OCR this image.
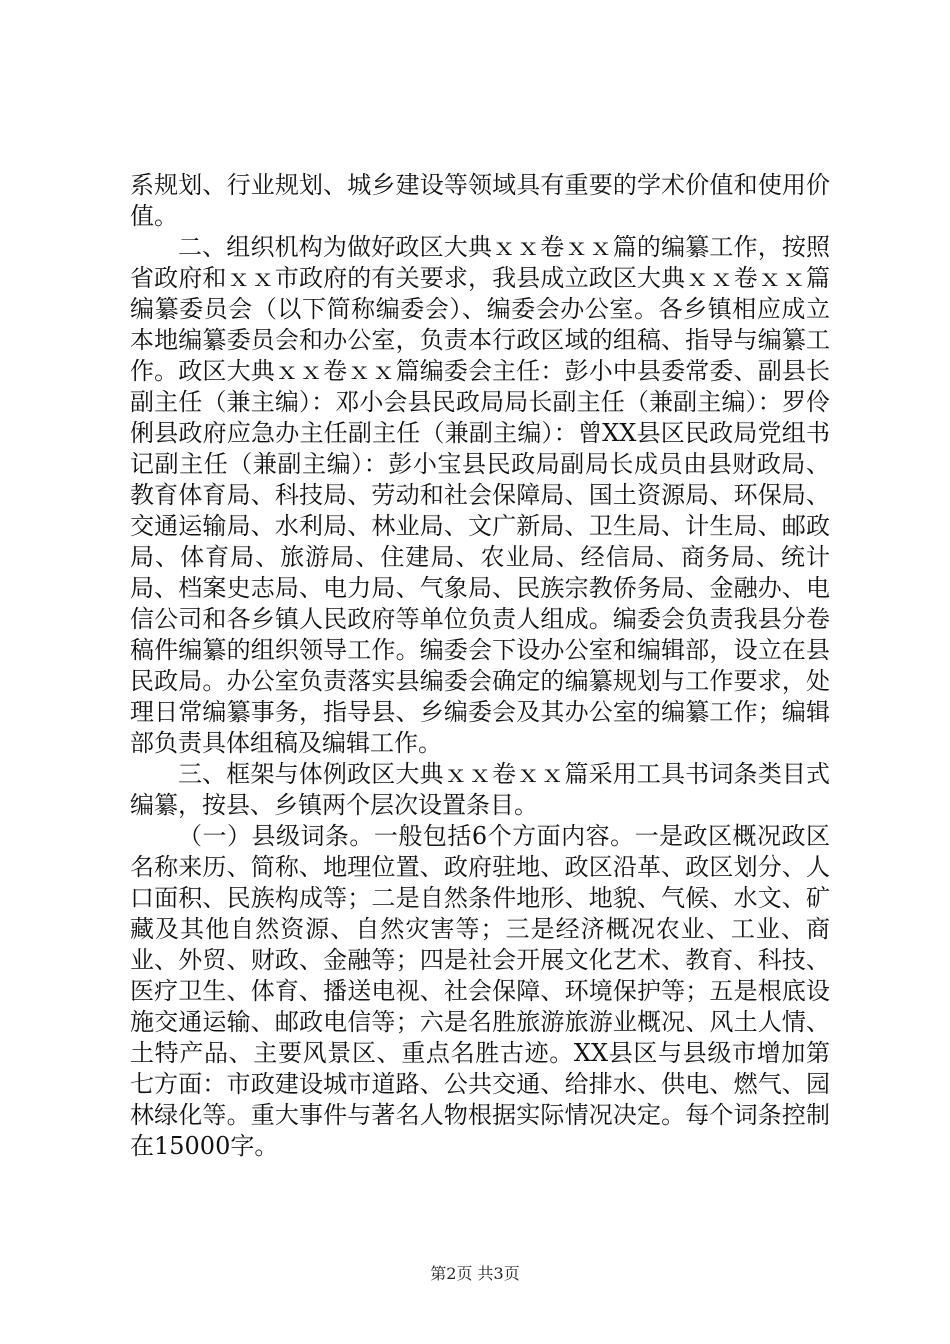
系规划、行业规划、城乡建设等领域具有重要的学术价值和使用价值。

二、组织机构为做好政区大典ｘｘ卷ｘｘ篇的编纂工作，按照省政府和ｘｘ市政府的有关要求，我县成立政区大典ｘｘ卷ｘｘ篇编纂委员会（以下简称编委会）、编委会办公室。各乡镇相应成立本地编纂委员会和办公室，负责本行政区域的组稿、指导与编纂工作。政区大典ｘｘ卷ｘｘ篇编委会主任：彭小中县委常委、副县长副主任（兼主编）：邓小会县民政局局长副主任（兼副主编）：罗伶俐县政府应急办主任副主任（兼副主编）：曾XX县区民政局党组书记副主任（兼副主编）：彭小宝县民政局副局长成员由县财政局、教育体育局、科技局、劳动和社会保障局、国土资源局、环保局、交通运输局、水利局、林业局、文广新局、卫生局、计生局、邮政局、体育局、旅游局、住建局、农业局、经信局、商务局、统计局、档案史志局、电力局、气象局、民族宗教侨务局、金融办、电信公司和各乡镇人民政府等单位负责人组成。编委会负责我县分卷稿件编纂的组织领导工作。编委会下设办公室和编辑部，设立在县民政局。办公室负责落实县编委会确定的编纂规划与工作要求，处理日常编纂事务，指导县、乡编委会及其办公室的编纂工作；编辑部负责具体组稿及编辑工作。

三、框架与体例政区大典ｘｘ卷ｘｘ篇采用工具书词条类目式编纂，按县、乡镇两个层次设置条目。

（一）县级词条。一般包括6个方面内容。一是政区概况政区名称来历、简称、地理位置、政府驻地、政区沿革、政区划分、人口面积、民族构成等；二是自然条件地形、地貌、气候、水文、矿藏及其他自然资源、自然灾害等；三是经济概况农业、工业、商业、外贸、财政、金融等；四是社会开展文化艺术、教育、科技、医疗卫生、体育、播送电视、社会保障、环境保护等；五是根底设施交通运输、邮政电信等；六是名胜旅游旅游业概况、风土人情、土特产品、主要风景区、重点名胜古迹。XX县区与县级市增加第七方面：市政建设城市道路、公共交通、给排水、供电、燃气、园林绿化等。重大事件与著名人物根据实际情况决定。每个词条控制在15000字。

第2页 共3页
